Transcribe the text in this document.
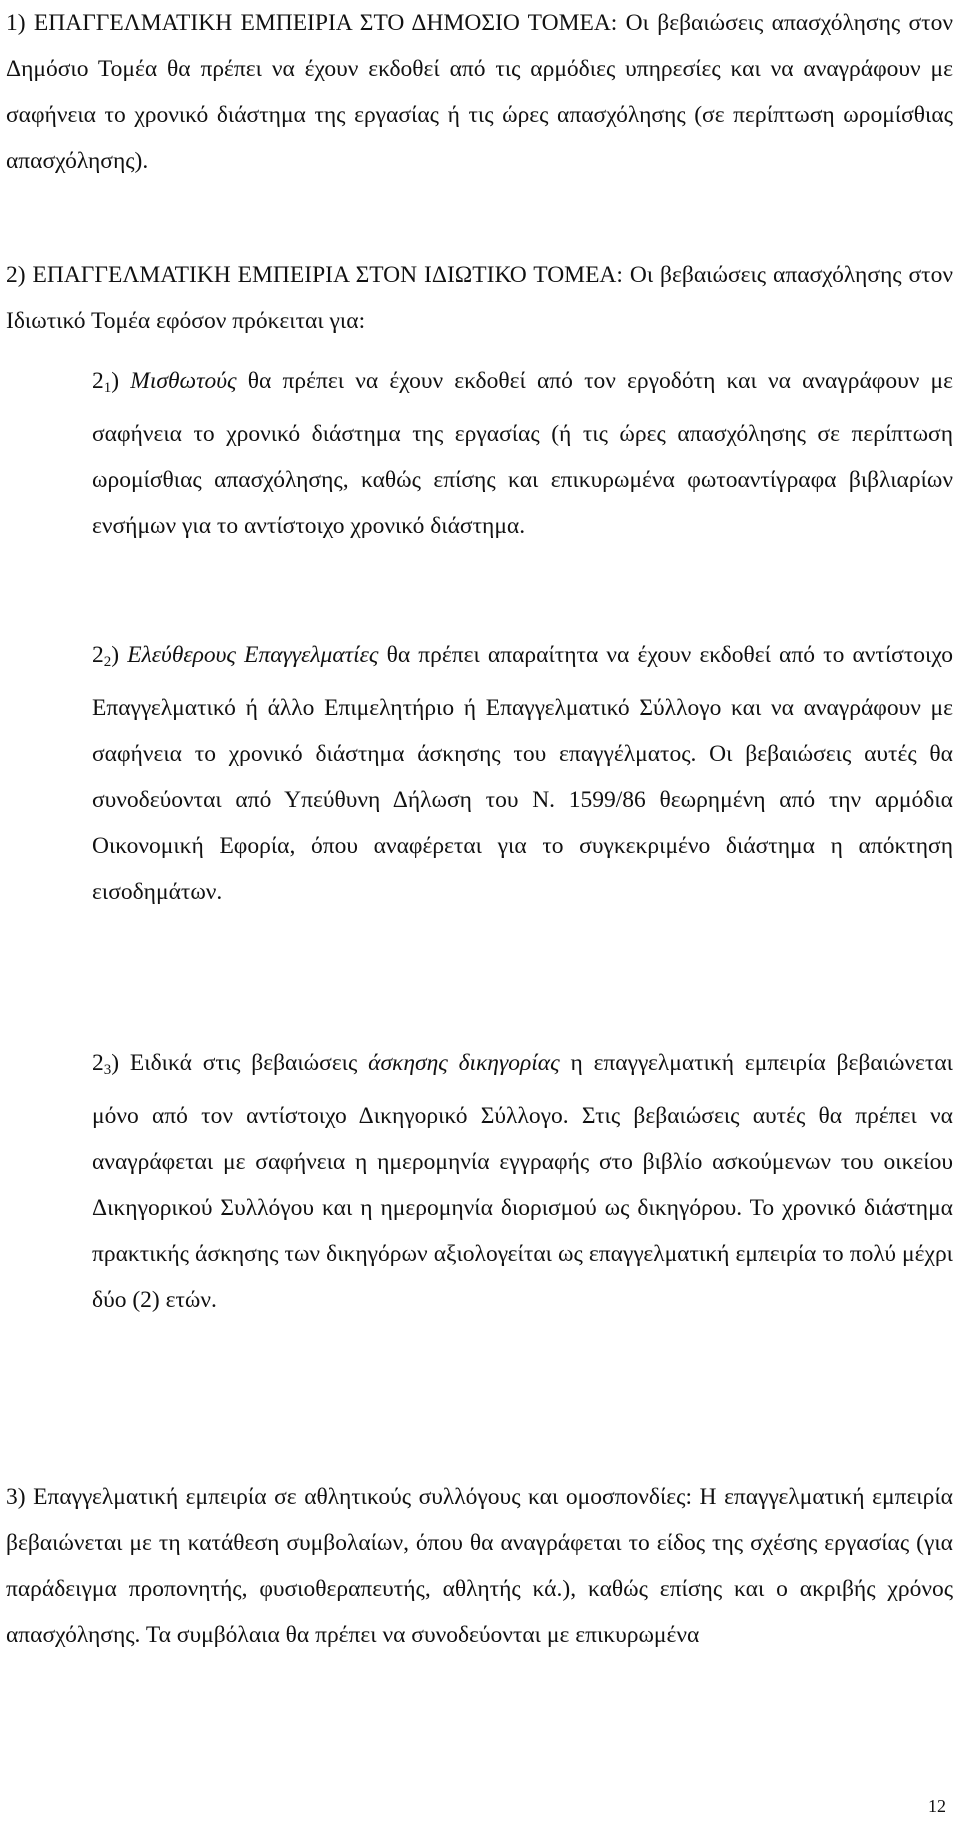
1) ΕΠΑΓΓΕΛΜΑΤΙΚΗ ΕΜΠΕΙΡΙΑ ΣΤΟ ΔΗΜΟΣΙΟ ΤΟΜΕΑ: Οι βεβαιώσεις απασχόλησης στον Δημόσιο Τομέα θα πρέπει να έχουν εκδοθεί από τις αρμόδιες υπηρεσίες και να αναγράφουν με σαφήνεια το χρονικό διάστημα της εργασίας ή τις ώρες απασχόλησης (σε περίπτωση ωρομίσθιας απασχόλησης).

2) ΕΠΑΓΓΕΛΜΑΤΙΚΗ ΕΜΠΕΙΡΙΑ ΣΤΟΝ ΙΔΙΩΤΙΚΟ ΤΟΜΕΑ: Οι βεβαιώσεις απασχόλησης στον Ιδιωτικό Τομέα εφόσον πρόκειται για:

$2_1$) Μισθωτούς θα πρέπει να έχουν εκδοθεί από τον εργοδότη και να αναγράφουν με σαφήνεια το χρονικό διάστημα της εργασίας (ή τις ώρες απασχόλησης σε περίπτωση ωρομίσθιας απασχόλησης, καθώς επίσης και επικυρωμένα φωτοαντίγραφα βιβλιαρίων ενσήμων για το αντίστοιχο χρονικό διάστημα.

$2_2$) Ελεύθερους Επαγγελματίες θα πρέπει απαραίτητα να έχουν εκδοθεί από το αντίστοιχο Επαγγελματικό ή άλλο Επιμελητήριο ή Επαγγελματικό Σύλλογο και να αναγράφουν με σαφήνεια το χρονικό διάστημα άσκησης του επαγγέλματος. Οι βεβαιώσεις αυτές θα συνοδεύονται από Υπεύθυνη Δήλωση του Ν. 1599/86 θεωρημένη από την αρμόδια Οικονομική Εφορία, όπου αναφέρεται για το συγκεκριμένο διάστημα η απόκτηση εισοδημάτων.

$2_3$) Ειδικά στις βεβαιώσεις άσκησης δικηγορίας η επαγγελματική εμπειρία βεβαιώνεται μόνο από τον αντίστοιχο Δικηγορικό Σύλλογο. Στις βεβαιώσεις αυτές θα πρέπει να αναγράφεται με σαφήνεια η ημερομηνία εγγραφής στο βιβλίο ασκούμενων του οικείου Δικηγορικού Συλλόγου και η ημερομηνία διορισμού ως δικηγόρου. Το χρονικό διάστημα πρακτικής άσκησης των δικηγόρων αξιολογείται ως επαγγελματική εμπειρία το πολύ μέχρι δύο (2) ετών.

3) Επαγγελματική εμπειρία σε αθλητικούς συλλόγους και ομοσπονδίες: Η επαγγελματική εμπειρία βεβαιώνεται με τη κατάθεση συμβολαίων, όπου θα αναγράφεται το είδος της σχέσης εργασίας (για παράδειγμα προπονητής, φυσιοθεραπευτής, αθλητής κά.), καθώς επίσης και ο ακριβής χρόνος απασχόλησης. Τα συμβόλαια θα πρέπει να συνοδεύονται με επικυρωμένα

12
